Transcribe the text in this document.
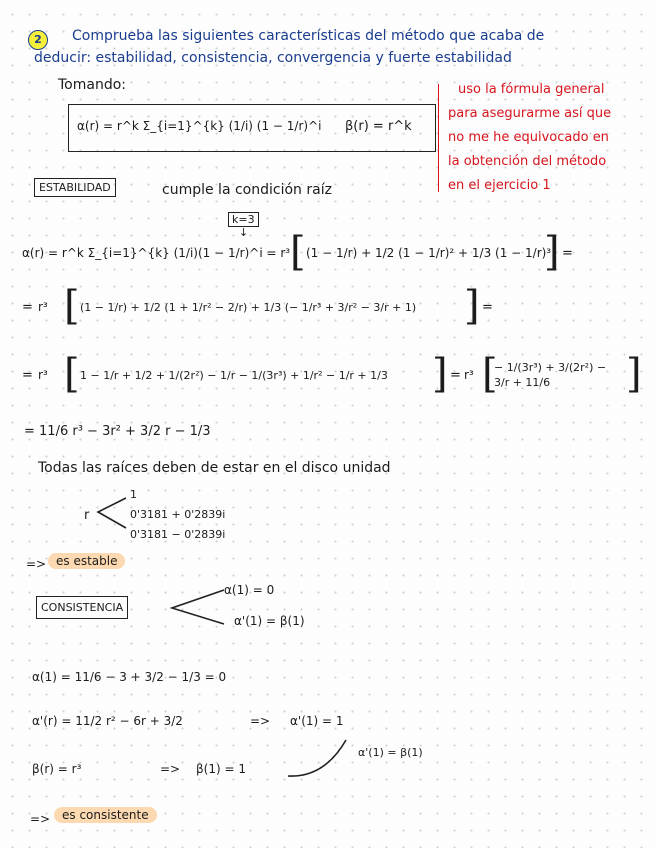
2	Comprueba las siguientes características del método que acaba de
deducir: estabilidad, consistencia, convergencia y fuerte estabilidad
Tomando:
α(r) = r^k Σ_{i=1}^{k} (1/i) (1 − 1/r)^i β(r) = r^k
uso la fórmula general
para asegurarme así que
no me he equivocado en
la obtención del método
en el ejercicio 1
ESTABILIDAD	cumple la condición raíz
k=3
↓
α(r) = r^k Σ_{i=1}^{k} (1/i)(1 − 1/r)^i = r³ [ (1 − 1/r) + 1/2 (1 − 1/r)² + 1/3 (1 − 1/r)³
] =
= r³ [ (1 − 1/r) + 1/2 (1 + 1/r² − 2/r) + 1/3 (− 1/r³ + 3/r² − 3/r + 1) ] =
= r³ [ 1 − 1/r + 1/2 + 1/(2r²) − 1/r − 1/(3r³) + 1/r² − 1/r + 1/3 ] = r³ [
− 1/(3r³) + 3/(2r²) − 3/r + 11/6	]
= 11/6 r³ − 3r² + 3/2 r − 1/3
Todas las raíces deben de estar en el disco unidad
r
1
0'3181 + 0'2839i
0'3181 − 0'2839i
=> es estable
CONSISTENCIA
α(1) = 0
α'(1) = β(1)
α(1) = 11/6 − 3 + 3/2 − 1/3 = 0
α'(r) = 11/2 r² − 6r + 3/2	=> α'(1) = 1
β(r) = r³	=> β(1) = 1
α'(1) = β(1)
=> es consistente
